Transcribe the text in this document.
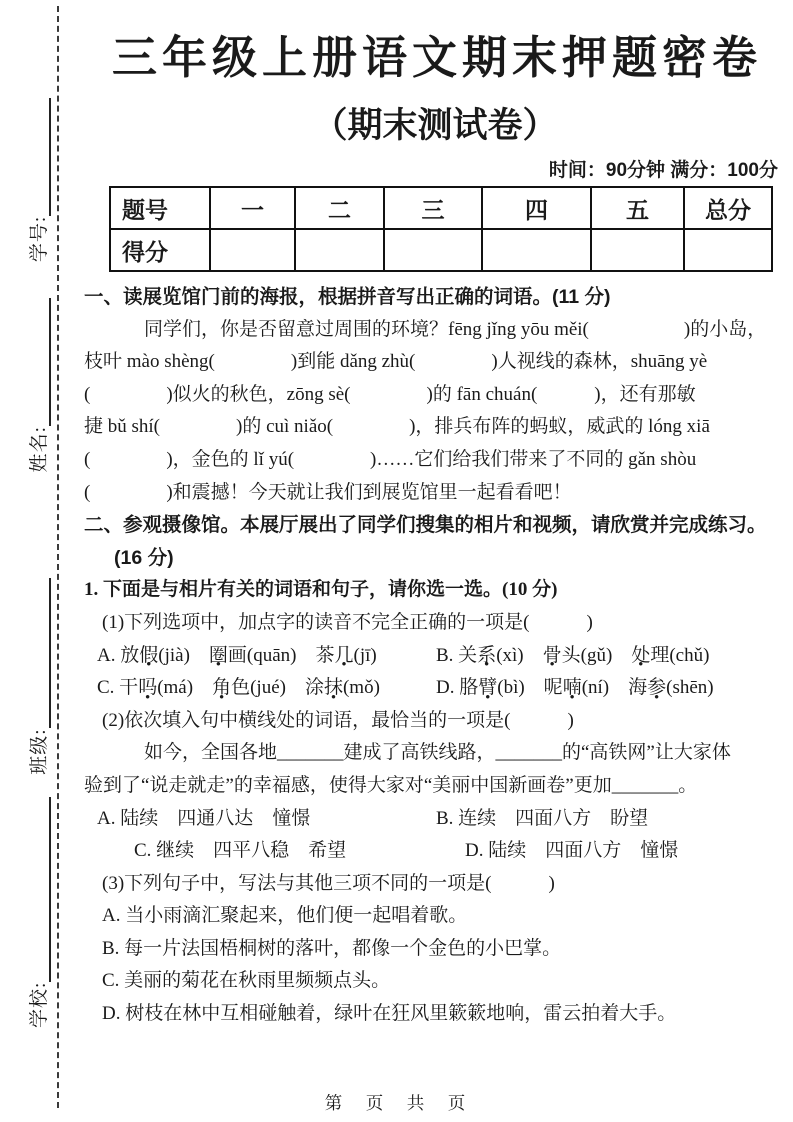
学校:
班级:
姓名:
学号:
三年级上册语文期末押题密卷
（期末测试卷）
时间：90分钟 满分：100分
题号	一	二	三	四	五	总分
得分						
一、读展览馆门前的海报，根据拼音写出正确的词语。(11 分)
同学们，你是否留意过周围的环境？fēng jǐng yōu měi(　　　　　)的小岛，
枝叶 mào shèng(　　　　)到能 dǎng zhù(　　　　)人视线的森林，shuāng yè
(　　　　)似火的秋色，zōng sè(　　　　)的 fān chuán(　　　)，还有那敏
捷 bǔ shí(　　　　)的 cuì niǎo(　　　　)，排兵布阵的蚂蚁，威武的 lóng xiā
(　　　　)，金色的 lǐ yú(　　　　)……它们给我们带来了不同的 gǎn shòu
(　　　　)和震撼！今天就让我们到展览馆里一起看看吧！
二、参观摄像馆。本展厅展出了同学们搜集的相片和视频，请欣赏并完成练习。
(16 分)
1. 下面是与相片有关的词语和句子，请你选一选。(10 分)
(1)下列选项中，加点字的读音不完全正确的一项是(　　　)
A. 放假(jià)　圈画(quān)　茶几(jī)	B. 关系(xì)　骨头(gǔ)　处理(chǔ)
C. 干吗(má)　角色(jué)　涂抹(mǒ)	D. 胳臂(bì)　呢喃(ní)　海参(shēn)
(2)依次填入句中横线处的词语，最恰当的一项是(　　　)
如今，全国各地_______建成了高铁线路，_______的“高铁网”让大家体
验到了“说走就走”的幸福感，使得大家对“美丽中国新画卷”更加_______。
A. 陆续　四通八达　憧憬	B. 连续　四面八方　盼望
C. 继续　四平八稳　希望	D. 陆续　四面八方　憧憬
(3)下列句子中，写法与其他三项不同的一项是(　　　)
A. 当小雨滴汇聚起来，他们便一起唱着歌。
B. 每一片法国梧桐树的落叶，都像一个金色的小巴掌。
C. 美丽的菊花在秋雨里频频点头。
D. 树枝在林中互相碰触着，绿叶在狂风里簌簌地响，雷云拍着大手。
第　页　共　页
